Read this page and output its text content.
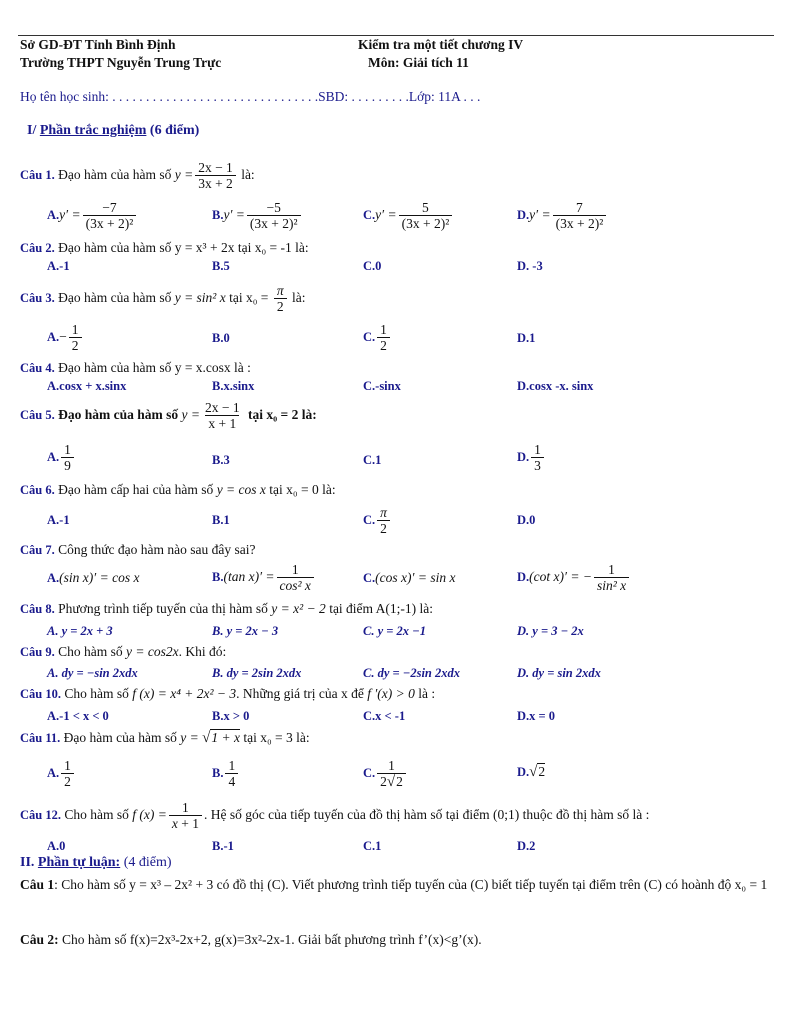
Sở GD-ĐT Tỉnh Bình Định
Trường THPT Nguyễn Trung Trực
Kiểm tra một tiết chương IV
Môn: Giải tích 11
Họ tên học sinh: . . . . . . . . . . . . . . . . . . . . . . . . . . . . . . .SBD: . . . . . . . . .Lớp: 11A . . .
I/ Phần trắc nghiệm (6 điểm)
Câu 1. Đạo hàm của hàm số $y = \frac{2x - 1}{3x + 2}$ là:
$A.y' = \frac{-7}{\text{(3x + 2)²}}$	$B.y' = \frac{-5}{\text{(3x + 2)²}}$	$C.y' = \frac{5}{\text{(3x + 2)²}}$	$D.y' = \frac{7}{\text{(3x + 2)²}}$
Câu 2. Đạo hàm của hàm số y = x³ + 2x tại x₀ = -1 là:
A.-1	B.5	C.0	D. -3
Câu 3. Đạo hàm của hàm số y = sin² x tại $x_0 = \frac{\pi}{2}$ là:
$A.- \frac{1}{2}$	B.0	C. $\frac{1}{2}$	D.1
Câu 4. Đạo hàm của hàm số y = x.cosx là :
A.cosx + x.sinx	B.x.sinx	C.-sinx	D.cosx -x. sinx
Câu 5. Đạo hàm của hàm số $y = \frac{2x - 1}{x + 1}$ tại x₀ = 2 là:
A. $\frac{1}{9}$	B.3	C.1	D. $\frac{1}{3}$
Câu 6. Đạo hàm cấp hai của hàm số y = cos x tại x₀ = 0 là:
A.-1	B.1	C. $\frac{\pi}{2}$	D.0
Câu 7. Công thức đạo hàm nào sau đây sai?
A.(sin x)′ = cos x	B.(tan $x)' = \frac{1}{\text{cos² x}}$	C.(cos x)′ = sin x	D.(cot x)′ = − $\frac{1}{\text{sin² x}}$
Câu 8. Phương trình tiếp tuyến của thị hàm số y = x² − 2 tại điểm A(1;-1) là:
A. y = 2x + 3	B. y = 2x − 3	C. y = 2x −1	D. y = 3 − 2x
Câu 9. Cho hàm số y = cos2x. Khi đó:
A. dy = −sin 2xdx	B. dy = 2sin 2xdx	C. dy = −2sin 2xdx	D. dy = sin 2xdx
Câu 10. Cho hàm số f (x) = x⁴ + 2x² − 3. Những giá trị của x để f ′(x) > 0 là :
A.-1 < x < 0	B.x > 0	C.x < -1	D.x = 0
Câu 11. Đạo hàm của hàm số y = √1 + x tại x₀ = 3 là:
A. $\frac{1}{2}$	B. $\frac{1}{4}$	C. $\frac{1}{2√2}$	D.√2
Câu 12. Cho hàm số f $(x) = \frac{1}{x + 1}$ . Hệ số góc của tiếp tuyến của đồ thị hàm số tại điểm (0;1) thuộc đồ thị hàm số là :
A.0	B.-1	C.1	D.2
II. Phần tự luận: (4 điểm)
Câu 1: Cho hàm số y = x³ – 2x² + 3 có đồ thị (C). Viết phương trình tiếp tuyến của (C) biết tiếp tuyến tại điểm trên (C) có hoành độ x₀ = 1
Câu 2: Cho hàm số f(x)=2x³-2x+2, g(x)=3x²-2x-1. Giải bất phương trình f’(x)<g’(x).
